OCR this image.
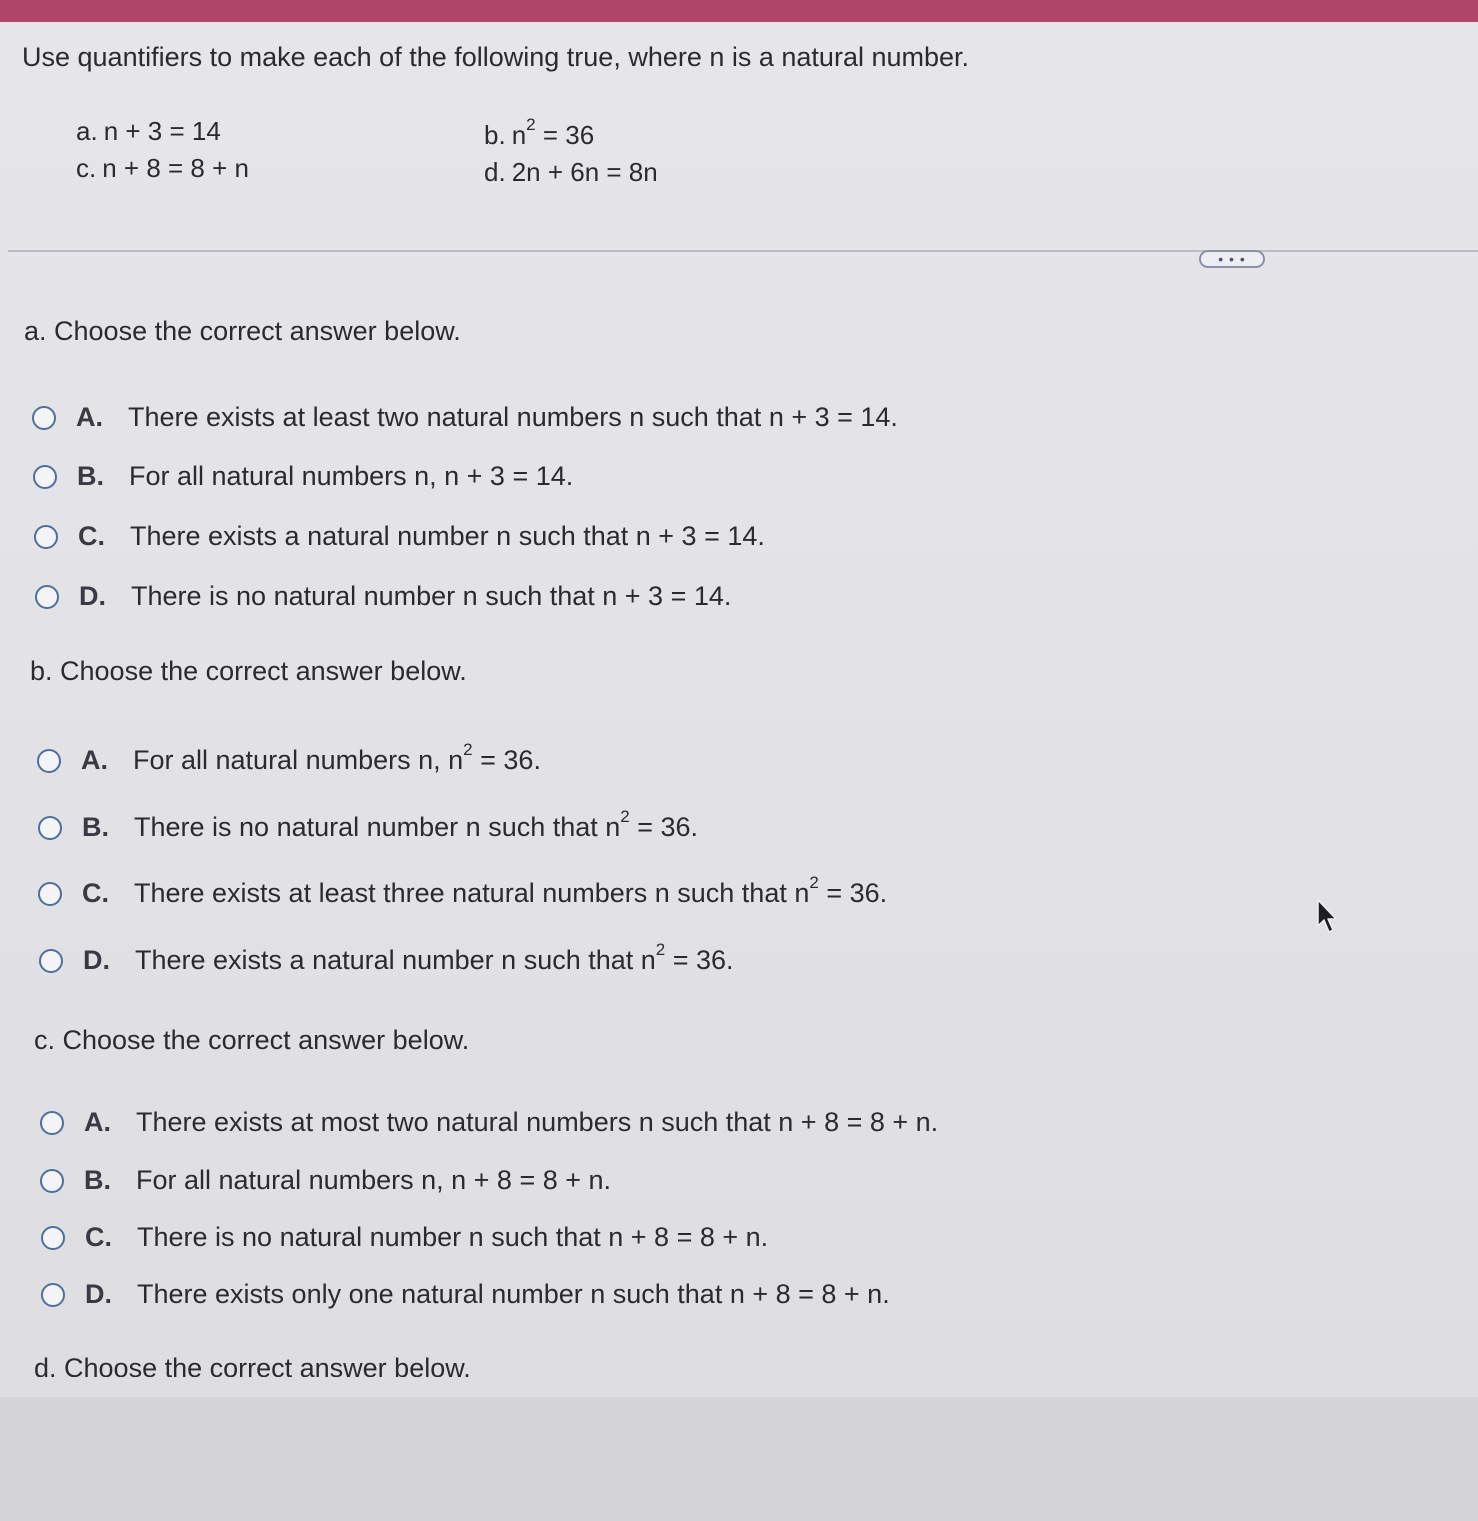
Use quantifiers to make each of the following true, where n is a natural number.
a. n + 3 = 14	b. $n^2 = 36$
c. n + 8 = 8 + n	d. 2n + 6n = 8n
• • •
a. Choose the correct answer below.
A. There exists at least two natural numbers n such that n + 3 = 14.
B. For all natural numbers n, n + 3 = 14.
C. There exists a natural number n such that n + 3 = 14.
D. There is no natural number n such that n + 3 = 14.
b. Choose the correct answer below.
A. For all natural numbers n, $n^2 = 36$.
B. There is no natural number n such that $n^2 = 36$.
C. There exists at least three natural numbers n such that $n^2 = 36$.
D. There exists a natural number n such that $n^2 = 36$.
c. Choose the correct answer below.
A. There exists at most two natural numbers n such that n + 8 = 8 + n.
B. For all natural numbers n, n + 8 = 8 + n.
C. There is no natural number n such that n + 8 = 8 + n.
D. There exists only one natural number n such that n + 8 = 8 + n.
d. Choose the correct answer below.
